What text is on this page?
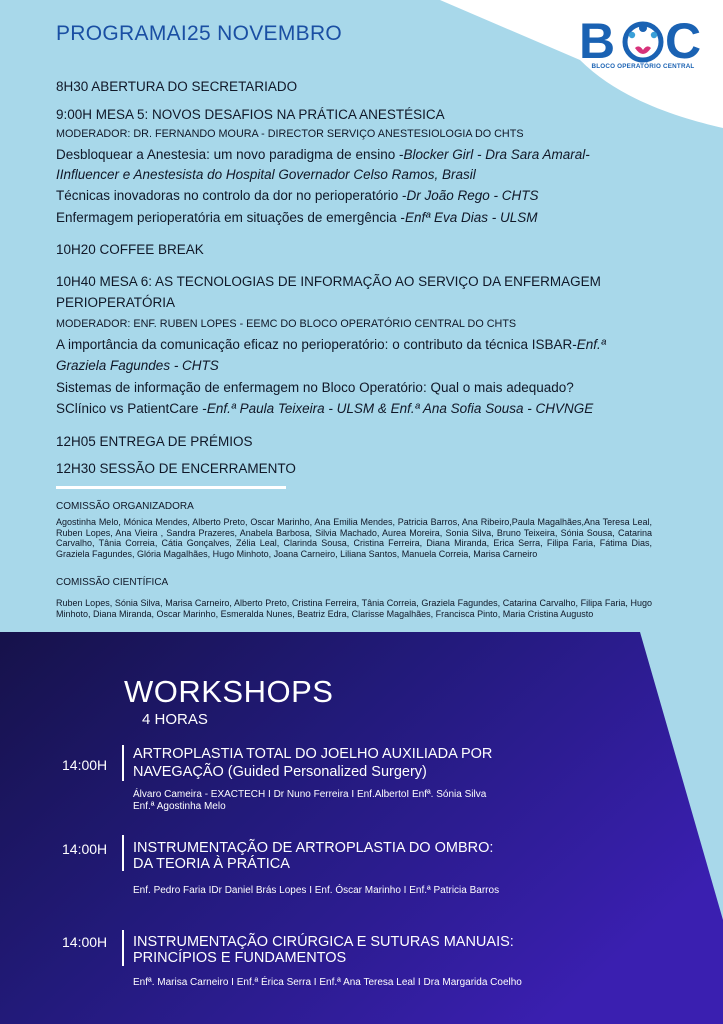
PROGRAMAI25 NOVEMBRO	B C
BLOCO OPERATÓRIO CENTRAL
8H30 ABERTURA DO SECRETARIADO
9:00H MESA 5: NOVOS DESAFIOS NA PRÁTICA ANESTÉSICA
MODERADOR: DR. FERNANDO MOURA - DIRECTOR SERVIÇO ANESTESIOLOGIA DO CHTS
Desbloquear a Anestesia: um novo paradigma de ensino -Blocker Girl - Dra Sara Amaral-
IInfluencer e Anestesista do Hospital Governador Celso Ramos, Brasil
Técnicas inovadoras no controlo da dor no perioperatório -Dr João Rego - CHTS
Enfermagem perioperatória em situações de emergência -Enfª Eva Dias - ULSM
10H20 COFFEE BREAK
10H40 MESA 6: AS TECNOLOGIAS DE INFORMAÇÃO AO SERVIÇO DA ENFERMAGEM
PERIOPERATÓRIA
MODERADOR: ENF. RUBEN LOPES - EEMC DO BLOCO OPERATÓRIO CENTRAL DO CHTS
A importância da comunicação eficaz no perioperatório: o contributo da técnica ISBAR-Enf.ª
Graziela Fagundes - CHTS
Sistemas de informação de enfermagem no Bloco Operatório: Qual o mais adequado?
SClínico vs PatientCare -Enf.ª Paula Teixeira - ULSM & Enf.ª Ana Sofia Sousa - CHVNGE
12H05 ENTREGA DE PRÉMIOS
12H30 SESSÃO DE ENCERRAMENTO
COMISSÃO ORGANIZADORA
Agostinha Melo, Mónica Mendes, Alberto Preto, Oscar Marinho, Ana Emilia Mendes, Patricia Barros, Ana Ribeiro,Paula Magalhães,Ana Teresa Leal, Ruben Lopes, Ana Vieira , Sandra Prazeres, Anabela Barbosa, Silvia Machado, Aurea Moreira, Sonia Silva, Bruno Teixeira, Sónia Sousa, Catarina Carvalho, Tânia Correia, Cátia Gonçalves, Zélia Leal, Clarinda Sousa, Cristina Ferreira, Diana Miranda, Erica Serra, Filipa Faria, Fátima Dias, Graziela Fagundes, Glória Magalhães, Hugo Minhoto, Joana Carneiro, Liliana Santos, Manuela Correia, Marisa Carneiro
COMISSÃO CIENTÍFICA
Ruben Lopes, Sónia Silva, Marisa Carneiro, Alberto Preto, Cristina Ferreira, Tânia Correia, Graziela Fagundes, Catarina Carvalho, Filipa Faria, Hugo Minhoto, Diana Miranda, Oscar Marinho, Esmeralda Nunes, Beatriz Edra, Clarisse Magalhães, Francisca Pinto, Maria Cristina Augusto
WORKSHOPS
4 HORAS
14:00H
ARTROPLASTIA TOTAL DO JOELHO AUXILIADA POR
NAVEGAÇÃO (Guided Personalized Surgery)
Álvaro Cameira - EXACTECH I Dr Nuno Ferreira I Enf.AlbertoI Enfª. Sónia Silva
Enf.ª Agostinha Melo
14:00H INSTRUMENTAÇÃO DE ARTROPLASTIA DO OMBRO:
DA TEORIA À PRÁTICA
Enf. Pedro Faria IDr Daniel Brás Lopes I Enf. Óscar Marinho I Enf.ª Patricia Barros
14:00H INSTRUMENTAÇÃO CIRÚRGICA E SUTURAS MANUAIS:
PRINCÍPIOS E FUNDAMENTOS
Enfª. Marisa Carneiro I Enf.ª Érica Serra I Enf.ª Ana Teresa Leal I Dra Margarida Coelho
